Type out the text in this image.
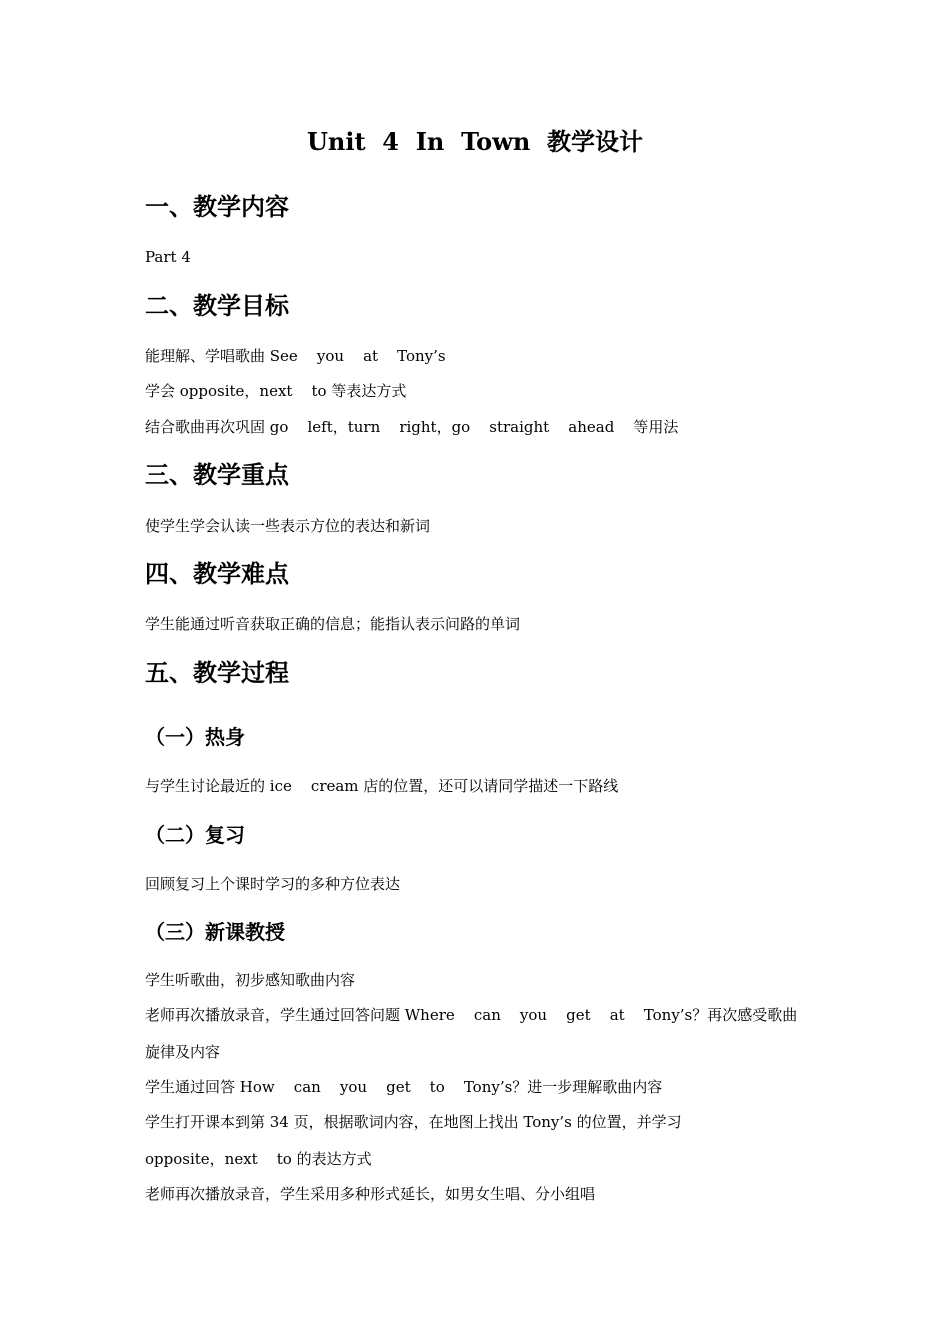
Unit  4  In  Town  教学设计
一、教学内容
Part 4
二、教学目标
能理解、学唱歌曲 See    you    at    Tony’s
学会 opposite，next    to 等表达方式
结合歌曲再次巩固 go    left，turn    right，go    straight    ahead    等用法
三、教学重点
使学生学会认读一些表示方位的表达和新词
四、教学难点
学生能通过听音获取正确的信息；能指认表示问路的单词
五、教学过程
（一）热身
与学生讨论最近的 ice    cream 店的位置，还可以请同学描述一下路线
（二）复习
回顾复习上个课时学习的多种方位表达
（三）新课教授
学生听歌曲，初步感知歌曲内容
老师再次播放录音，学生通过回答问题 Where    can    you    get    at    Tony’s？再次感受歌曲
旋律及内容
学生通过回答 How    can    you    get    to    Tony’s？进一步理解歌曲内容
学生打开课本到第 34 页，根据歌词内容，在地图上找出 Tony’s 的位置，并学习
opposite，next    to 的表达方式
老师再次播放录音，学生采用多种形式延长，如男女生唱、分小组唱
